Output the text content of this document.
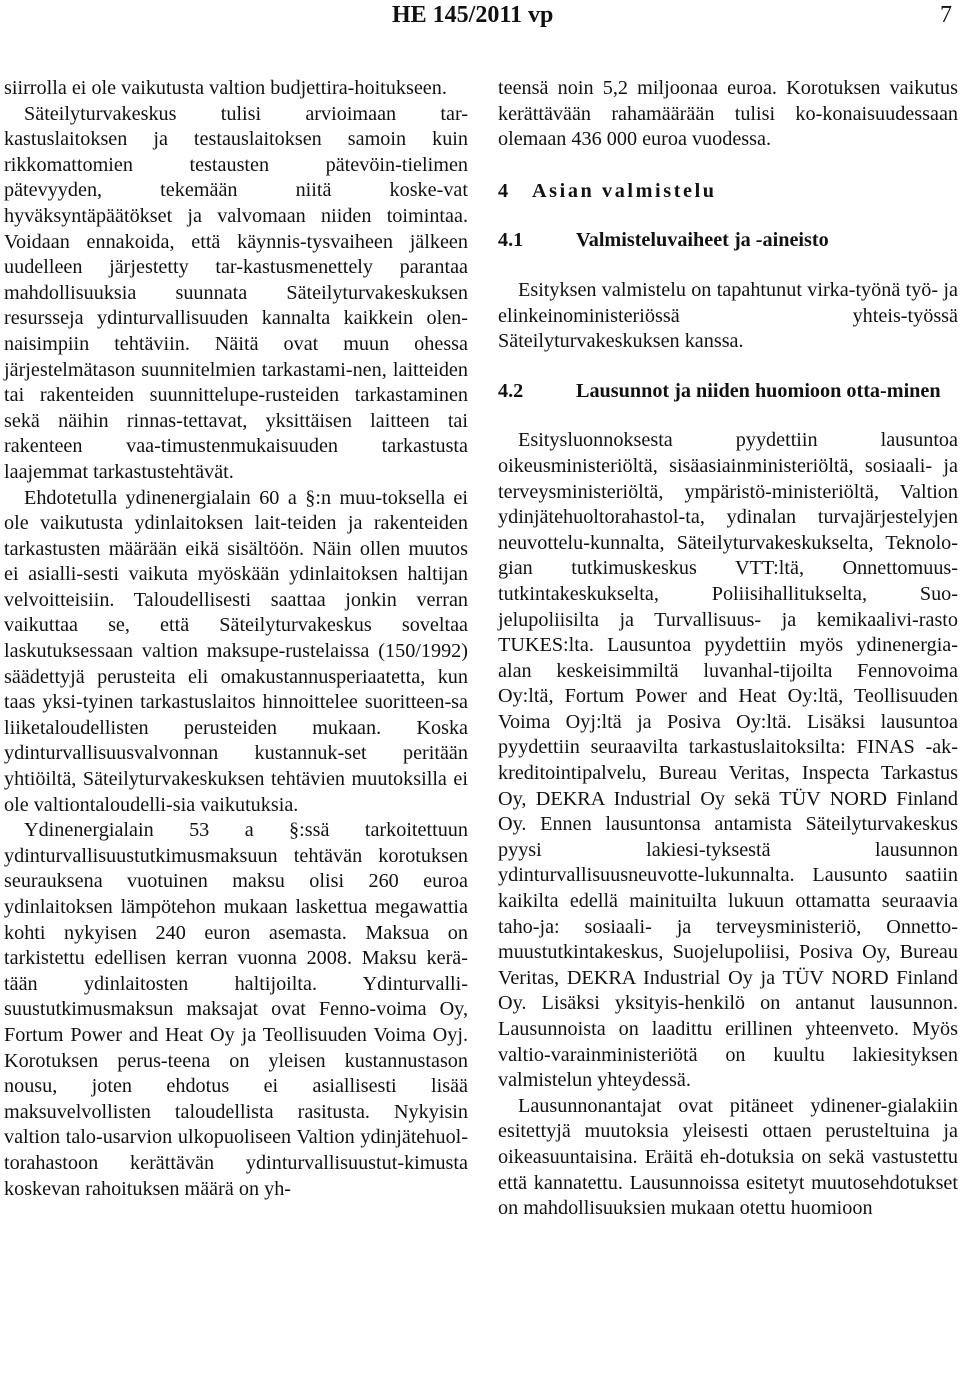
HE 145/2011 vp	7

siirrolla ei ole vaikutusta valtion budjettira-hoitukseen.

Säteilyturvakeskus tulisi arvioimaan tar-kastuslaitoksen ja testauslaitoksen samoin kuin rikkomattomien testausten pätevöin-tielimen pätevyyden, tekemään niitä koske-vat hyväksyntäpäätökset ja valvomaan niiden toimintaa. Voidaan ennakoida, että käynnis-tysvaiheen jälkeen uudelleen järjestetty tar-kastusmenettely parantaa mahdollisuuksia suunnata Säteilyturvakeskuksen resursseja ydinturvallisuuden kannalta kaikkein olen-naisimpiin tehtäviin. Näitä ovat muun ohessa järjestelmätason suunnitelmien tarkastami-nen, laitteiden tai rakenteiden suunnittelupe-rusteiden tarkastaminen sekä näihin rinnas-tettavat, yksittäisen laitteen tai rakenteen vaa-timustenmukaisuuden tarkastusta laajemmat tarkastustehtävät.

Ehdotetulla ydinenergialain 60 a §:n muu-toksella ei ole vaikutusta ydinlaitoksen lait-teiden ja rakenteiden tarkastusten määrään eikä sisältöön. Näin ollen muutos ei asialli-sesti vaikuta myöskään ydinlaitoksen haltijan velvoitteisiin. Taloudellisesti saattaa jonkin verran vaikuttaa se, että Säteilyturvakeskus soveltaa laskutuksessaan valtion maksupe-rustelaissa (150/1992) säädettyjä perusteita eli omakustannusperiaatetta, kun taas yksi-tyinen tarkastuslaitos hinnoittelee suoritteen-sa liiketaloudellisten perusteiden mukaan. Koska ydinturvallisuusvalvonnan kustannuk-set peritään yhtiöiltä, Säteilyturvakeskuksen tehtävien muutoksilla ei ole valtiontaloudelli-sia vaikutuksia.

Ydinenergialain 53 a §:ssä tarkoitettuun ydinturvallisuustutkimusmaksuun tehtävän korotuksen seurauksena vuotuinen maksu olisi 260 euroa ydinlaitoksen lämpötehon mukaan laskettua megawattia kohti nykyisen 240 euron asemasta. Maksua on tarkistettu edellisen kerran vuonna 2008. Maksu kerä-tään ydinlaitosten haltijoilta. Ydinturvalli-suustutkimusmaksun maksajat ovat Fenno-voima Oy, Fortum Power and Heat Oy ja Teollisuuden Voima Oyj. Korotuksen perus-teena on yleisen kustannustason nousu, joten ehdotus ei asiallisesti lisää maksuvelvollisten taloudellista rasitusta. Nykyisin valtion talo-usarvion ulkopuoliseen Valtion ydinjätehuol-torahastoon kerättävän ydinturvallisuustut-kimusta koskevan rahoituksen määrä on yh-

teensä noin 5,2 miljoonaa euroa. Korotuksen vaikutus kerättävään rahamäärään tulisi ko-konaisuudessaan olemaan 436 000 euroa vuodessa.

4 Asian valmistelu
4.1	Valmisteluvaiheet ja -aineisto

Esityksen valmistelu on tapahtunut virka-työnä työ- ja elinkeinoministeriössä yhteis-työssä Säteilyturvakeskuksen kanssa.

4.2	Lausunnot ja niiden huomioon otta-minen

Esitysluonnoksesta pyydettiin lausuntoa oikeusministeriöltä, sisäasiainministeriöltä, sosiaali- ja terveysministeriöltä, ympäristö-ministeriöltä, Valtion ydinjätehuoltorahastol-ta, ydinalan turvajärjestelyjen neuvottelu-kunnalta, Säteilyturvakeskukselta, Teknolo-gian tutkimuskeskus VTT:ltä, Onnettomuus-tutkintakeskukselta, Poliisihallitukselta, Suo-jelupoliisilta ja Turvallisuus- ja kemikaalivi-rasto TUKES:lta. Lausuntoa pyydettiin myös ydinenergia-alan keskeisimmiltä luvanhal-tijoilta Fennovoima Oy:ltä, Fortum Power and Heat Oy:ltä, Teollisuuden Voima Oyj:ltä ja Posiva Oy:ltä. Lisäksi lausuntoa pyydettiin seuraavilta tarkastuslaitoksilta: FINAS -ak-kreditointipalvelu, Bureau Veritas, Inspecta Tarkastus Oy, DEKRA Industrial Oy sekä TÜV NORD Finland Oy. Ennen lausuntonsa antamista Säteilyturvakeskus pyysi lakiesi-tyksestä lausunnon ydinturvallisuusneuvotte-lukunnalta. Lausunto saatiin kaikilta edellä mainituilta lukuun ottamatta seuraavia taho-ja: sosiaali- ja terveysministeriö, Onnetto-muustutkintakeskus, Suojelupoliisi, Posiva Oy, Bureau Veritas, DEKRA Industrial Oy ja TÜV NORD Finland Oy. Lisäksi yksityis-henkilö on antanut lausunnon. Lausunnoista on laadittu erillinen yhteenveto. Myös valtio-varainministeriötä on kuultu lakiesityksen valmistelun yhteydessä.

Lausunnonantajat ovat pitäneet ydinener-gialakiin esitettyjä muutoksia yleisesti ottaen perusteltuina ja oikeasuuntaisina. Eräitä eh-dotuksia on sekä vastustettu että kannatettu. Lausunnoissa esitetyt muutosehdotukset on mahdollisuuksien mukaan otettu huomioon
